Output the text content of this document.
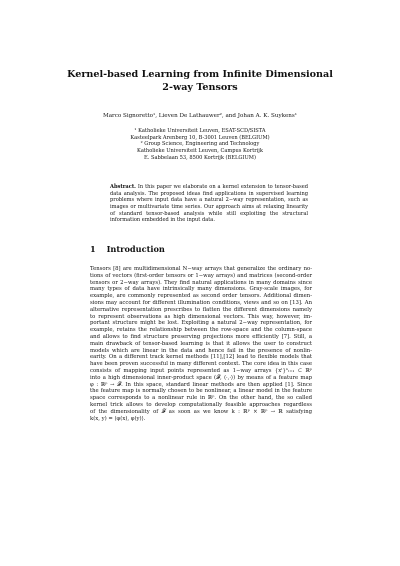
Kernel-based Learning from Infinite Dimensional
2-way Tensors
Marco Signoretto¹, Lieven De Lathauwer², and Johan A. K. Suykens¹
¹ Katholieke Universiteit Leuven, ESAT-SCD/SISTA
Kasteelpark Arenberg 10, B-3001 Leuven (BELGIUM)
² Group Science, Engineering and Technology
Katholieke Universiteit Leuven, Campus Kortrijk
E. Sabbelaan 53, 8500 Kortrijk (BELGIUM)
Abstract. In this paper we elaborate on a kernel extension to tensor-based data analysis. The proposed ideas find applications in supervised learning problems where input data have a natural 2−way representation, such as images or multivariate time series. Our approach aims at relaxing linearity of standard tensor-based analysis while still exploiting the structural information embedded in the input data.
1 Introduction
Tensors [8] are multidimensional N−way arrays that generalize the ordinary no-
tions of vectors (first-order tensors or 1−way arrays) and matrices (second-order
tensors or 2−way arrays). They find natural applications in many domains since
many types of data have intrinsically many dimensions. Gray-scale images, for
example, are commonly represented as second order tensors. Additional dimen-
sions may account for different illumination conditions, views and so on [13]. An
alternative representation prescribes to flatten the different dimensions namely
to represent observations as high dimensional vectors. This way, however, im-
portant structure might be lost. Exploiting a natural 2−way representation, for
example, retains the relationship between the row-space and the column-space
and allows to find structure preserving projections more efficiently [7]. Still, a
main drawback of tensor-based learning is that it allows the user to construct
models which are linear in the data and hence fail in the presence of nonlin-
earity. On a different track kernel methods [11],[12] lead to flexible models that
have been proven successful in many different context. The core idea in this case
consists of mapping input points represented as 1−way arrays {xˡ}ⁿₗ₌₁ ⊂ ℝᵖ
into a high dimensional inner-product space (𝓕, ⟨·,·⟩) by means of a feature map
φ : ℝᵖ → 𝓕. In this space, standard linear methods are then applied [1]. Since
the feature map is normally chosen to be nonlinear, a linear model in the feature
space corresponds to a nonlinear rule in ℝᵖ. On the other hand, the so called
kernel trick allows to develop computationally feasible approaches regardless
of the dimensionality of 𝓕 as soon as we know k : ℝᵖ × ℝᵖ → ℝ satisfying
k(x, y) = ⟨φ(x), φ(y)⟩.
